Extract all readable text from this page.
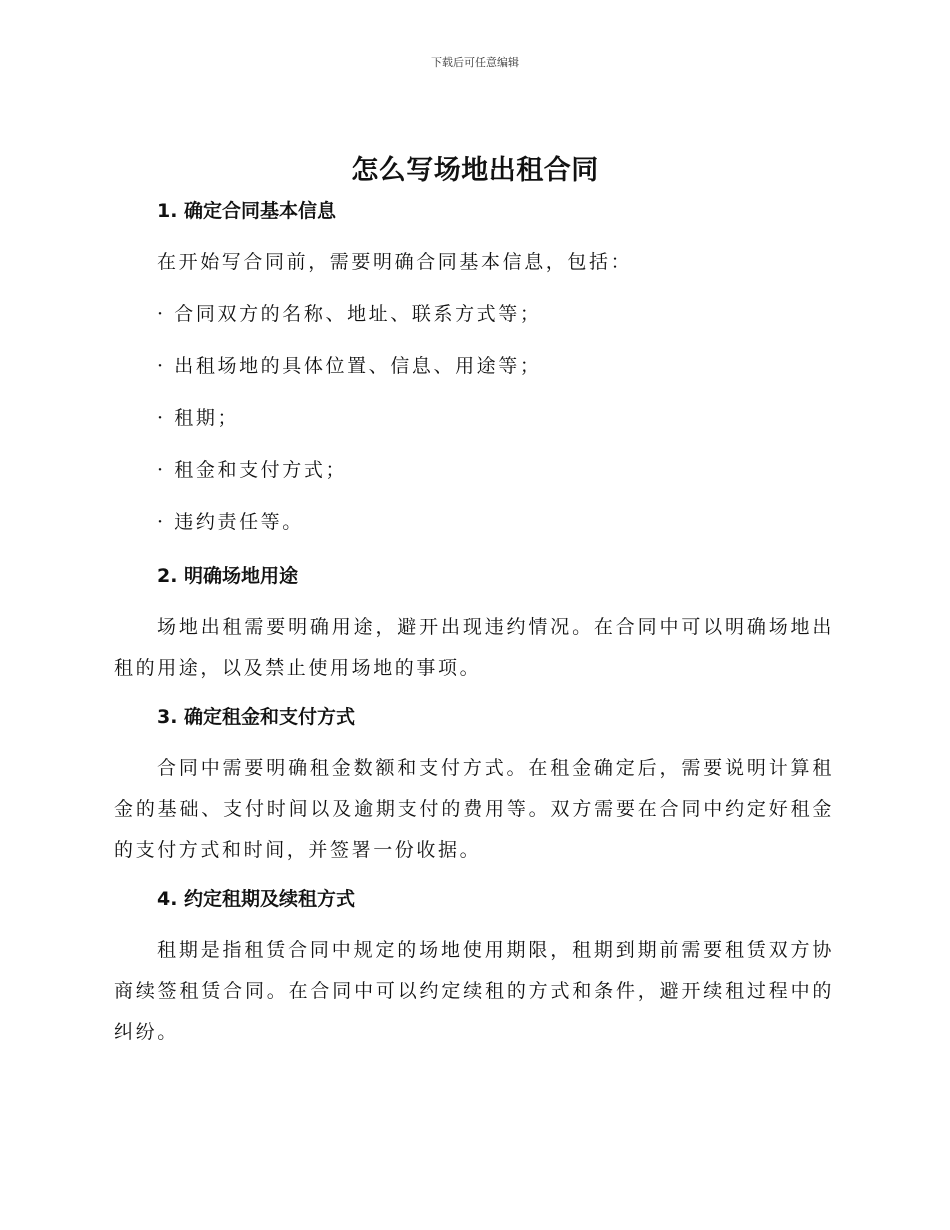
下载后可任意编辑
怎么写场地出租合同
1. 确定合同基本信息
在开始写合同前，需要明确合同基本信息，包括：
· 合同双方的名称、地址、联系方式等；
· 出租场地的具体位置、信息、用途等；
· 租期；
· 租金和支付方式；
· 违约责任等。
2. 明确场地用途
场地出租需要明确用途，避开出现违约情况。在合同中可以明确场地出租的用途，以及禁止使用场地的事项。
3. 确定租金和支付方式
合同中需要明确租金数额和支付方式。在租金确定后，需要说明计算租金的基础、支付时间以及逾期支付的费用等。双方需要在合同中约定好租金的支付方式和时间，并签署一份收据。
4. 约定租期及续租方式
租期是指租赁合同中规定的场地使用期限，租期到期前需要租赁双方协商续签租赁合同。在合同中可以约定续租的方式和条件，避开续租过程中的纠纷。
